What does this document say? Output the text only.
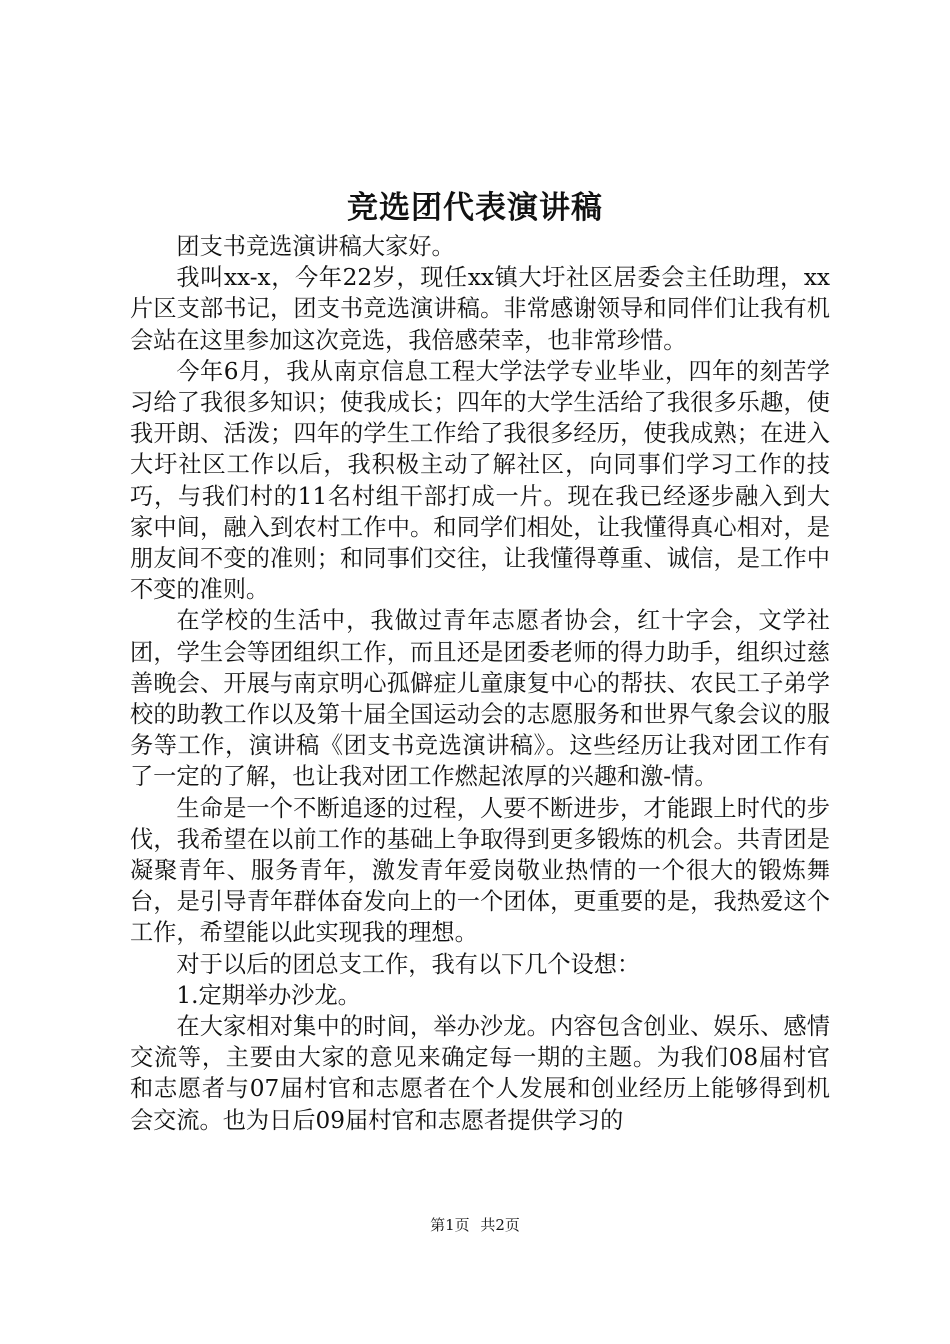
竞选团代表演讲稿

团支书竞选演讲稿大家好。

我叫xx-x，今年22岁，现任xx镇大圩社区居委会主任助理，xx片区支部书记，团支书竞选演讲稿。非常感谢领导和同伴们让我有机会站在这里参加这次竞选，我倍感荣幸，也非常珍惜。

今年6月，我从南京信息工程大学法学专业毕业，四年的刻苦学习给了我很多知识；使我成长；四年的大学生活给了我很多乐趣，使我开朗、活泼；四年的学生工作给了我很多经历，使我成熟；在进入大圩社区工作以后，我积极主动了解社区，向同事们学习工作的技巧，与我们村的11名村组干部打成一片。现在我已经逐步融入到大家中间，融入到农村工作中。和同学们相处，让我懂得真心相对，是朋友间不变的准则；和同事们交往，让我懂得尊重、诚信，是工作中不变的准则。

在学校的生活中，我做过青年志愿者协会，红十字会，文学社团，学生会等团组织工作，而且还是团委老师的得力助手，组织过慈善晚会、开展与南京明心孤僻症儿童康复中心的帮扶、农民工子弟学校的助教工作以及第十届全国运动会的志愿服务和世界气象会议的服务等工作，演讲稿《团支书竞选演讲稿》。这些经历让我对团工作有了一定的了解，也让我对团工作燃起浓厚的兴趣和激-情。

生命是一个不断追逐的过程，人要不断进步，才能跟上时代的步伐，我希望在以前工作的基础上争取得到更多锻炼的机会。共青团是凝聚青年、服务青年，激发青年爱岗敬业热情的一个很大的锻炼舞台，是引导青年群体奋发向上的一个团体，更重要的是，我热爱这个工作，希望能以此实现我的理想。

对于以后的团总支工作，我有以下几个设想：

1.定期举办沙龙。

在大家相对集中的时间，举办沙龙。内容包含创业、娱乐、感情交流等，主要由大家的意见来确定每一期的主题。为我们08届村官和志愿者与07届村官和志愿者在个人发展和创业经历上能够得到机会交流。也为日后09届村官和志愿者提供学习的

第1页 共2页
